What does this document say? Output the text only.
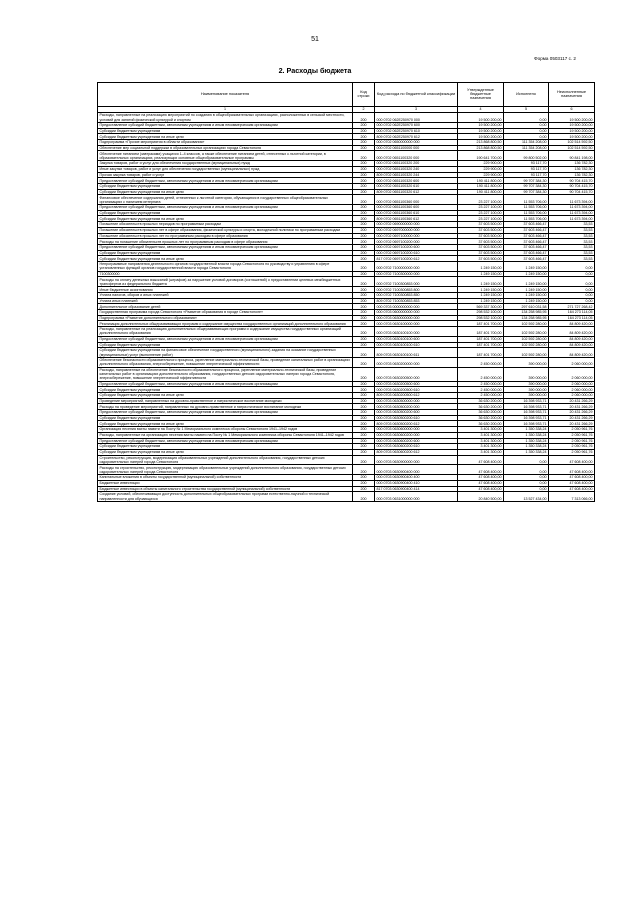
51
Форма 0503117 с. 2
2. Расходы бюджета
Наименование показателя	Код строки	Код расхода по бюджетной классификации	Утвержденные бюджетные назначения	Исполнено	Неисполненные назначения
1	2	3	4	5	6
Расходы, направленные на реализацию мероприятий по созданию в общеобразовательных организациях, расположенных в сельской местности, условий для занятий физической культурой и спортом	200	000 0702 062E250970 000	19 500 200,00	0,00	19 500 200,00
Предоставление субсидий бюджетным, автономным учреждениям и иным некоммерческим организациям	200	000 0702 062E250970 600	19 500 200,00	0,00	19 500 200,00
Субсидии бюджетным учреждениям	200	000 0702 062E250970 610	19 500 200,00	0,00	19 500 200,00
Субсидии бюджетным учреждениям на иные цели	200	809 0702 062E250970 612	19 500 200,00	0,00	19 500 200,00
Подпрограмма «Прочие мероприятия в области образования»	200	000 0702 0650000000 000	213 868 800,50	111 354 208,00	102 514 592,50
Обеспечение мер социальной поддержки в образовательных организациях города Севастополя	200	000 0702 0651100000 000	213 868 800,50	111 354 208,00	102 514 592,50
Обеспечение питанием (завтраками) учащихся 1–4 классов, а также обеспечение питанием детей, отнесенных к льготной категории, в образовательных организациях, реализующих основные общеобразовательные программы	200	000 0702 0651100320 000	190 641 700,00	99 800 502,00	90 841 198,00
Закупка товаров, работ и услуг для обеспечения государственных (муниципальных) нужд	200	000 0702 0651100320 200	229 900,00	93 117,70	136 782,30
Иные закупки товаров, работ и услуг для обеспечения государственных (муниципальных) нужд	200	000 0702 0651100320 240	229 900,00	93 117,70	136 782,30
Прочая закупка товаров, работ и услуг	200	809 0702 0651100320 244	229 900,00	93 117,70	136 782,30
Предоставление субсидий бюджетным, автономным учреждениям и иным некоммерческим организациям	200	000 0702 0651100320 600	190 411 800,00	99 707 384,30	90 704 415,70
Субсидии бюджетным учреждениям	200	000 0702 0651100320 610	190 411 800,00	99 707 384,30	90 704 415,70
Субсидии бюджетным учреждениям на иные цели	200	809 0702 0651100320 612	190 411 800,00	99 707 384,30	90 704 415,70
Финансовое обеспечение содержания детей, отнесенных к льготной категории, обучающихся в государственных общеобразовательных организациях с наличием интерната	200	000 0702 0651100360 000	23 227 100,00	11 553 706,00	11 673 394,00
Предоставление субсидий бюджетным, автономным учреждениям и иным некоммерческим организациям	200	000 0702 0651100360 600	23 227 100,00	11 553 706,00	11 673 394,00
Субсидии бюджетным учреждениям	200	000 0702 0651100360 610	23 227 100,00	11 553 706,00	11 673 394,00
Субсидии бюджетным учреждениям на иные цели	200	809 0702 0651100360 612	23 227 100,00	11 553 706,00	11 673 394,00
Погашение обязательств прошлых периодов по программным расходам	200	000 0702 0690000000 000	37 603 500,00	37 603 466,47	33,53
Погашение обязательств прошлых лет в сфере образования, физической культуры и спорта, молодежной политики по программным расходам	200	000 0702 0697000000 000	37 603 500,00	37 603 466,47	33,53
Погашение обязательств прошлых лет по программным расходам в сфере образования	200	000 0702 0697100000 000	37 603 500,00	37 603 466,47	33,53
Расходы на погашение обязательств прошлых лет по программным расходам в сфере образования	200	000 0702 0697100200 000	37 603 500,00	37 603 466,47	33,53
Предоставление субсидий бюджетным, автономным учреждениям и иным некоммерческим организациям	200	000 0702 0697100200 600	37 603 500,00	37 603 466,47	33,53
Субсидии бюджетным учреждениям	200	000 0702 0697100200 610	37 603 500,00	37 603 466,47	33,53
Субсидии бюджетным учреждениям на иные цели	200	817 0702 0697100200 612	37 603 500,00	37 603 466,47	33,53
Непрограммные направления деятельности органов государственной власти города Севастополя по руководству и управлению в сфере установленных функций органов государственной власти города Севастополя	200	000 0702 7100000000 000	1 249 150,00	1 249 150,00	0,00
7100300000	200	000 0702 7100300000 000	1 249 150,00	1 249 150,00	0,00
Расходы на оплату денежных взысканий (штрафов) за нарушение условий договоров (соглашений) о предоставлении целевых межбюджетных трансфертов из федерального бюджета	200	000 0702 7100300853 000	1 249 150,00	1 249 150,00	0,00
Иные бюджетные ассигнования	200	000 0702 7100300853 800	1 249 150,00	1 249 150,00	0,00
Уплата налогов, сборов и иных платежей	200	000 0702 7100300853 850	1 249 150,00	1 249 150,00	0,00
Уплата иных платежей	200	809 0702 7100300853 853	1 249 150,00	1 249 150,00	0,00
Дополнительное образование детей	200	000 0703 0000000000 000	569 337 300,00	297 610 031,58	271 727 268,42
Государственная программа города Севастополя «Развитие образования в городе Севастополе»	200	000 0703 0600000000 000	298 532 100,00	134 258 985,95	164 273 114,05
Подпрограмма «Развитие дополнительного образования»	200	000 0703 0630000000 000	298 532 100,00	134 258 985,95	164 273 114,05
Реализация дополнительных общеразвивающих программ и содержание имущества государственных организаций дополнительного образования	200	000 0703 0630100000 000	187 401 700,00	102 592 280,00	84 809 420,00
Расходы, направленные на реализацию дополнительных общеразвивающих программ и содержание имущества государственных организаций дополнительного образования	200	000 0703 0630100100 000	187 401 700,00	102 592 280,00	84 809 420,00
Предоставление субсидий бюджетным, автономным учреждениям и иным некоммерческим организациям	200	000 0703 0630100100 600	187 401 700,00	102 592 280,00	84 809 420,00
Субсидии бюджетным учреждениям	200	000 0703 0630100100 610	187 401 700,00	102 592 280,00	84 809 420,00
Субсидии бюджетным учреждениям на финансовое обеспечение государственного (муниципального) задания на оказание государственных (муниципальных) услуг (выполнение работ)	200	809 0703 0630100100 611	187 401 700,00	102 592 280,00	84 809 420,00
Обеспечение безопасности образовательного процесса, укрепление материально-технической базы, проведение капитальных работ в организациях дополнительного образования, энергосбережение, повышение энергетической эффективности	200	000 0703 0630200000 000	2 450 000,00	390 000,00	2 060 000,00
Расходы, направленные на обеспечение безопасности образовательного процесса, укрепление материально-технической базы, проведение капитальных работ в организациях дополнительного образования, государственных детских оздоровительных лагерях города Севастополя, энергосбережение, повышение энергетической эффективности	200	000 0703 0630200500 000	2 450 000,00	390 000,00	2 060 000,00
Предоставление субсидий бюджетным, автономным учреждениям и иным некоммерческим организациям	200	000 0703 0630200500 600	2 450 000,00	390 000,00	2 060 000,00
Субсидии бюджетным учреждениям	200	000 0703 0630200500 610	2 450 000,00	390 000,00	2 060 000,00
Субсидии бюджетным учреждениям на иные цели	200	809 0703 0630200500 612	2 450 000,00	390 000,00	2 060 000,00
Проведение мероприятий, направленных на духовно-нравственное и патриотическое воспитание молодежи	200	000 0703 0630500000 000	36 630 200,00	16 398 933,71	20 431 266,29
Расходы на проведение мероприятий, направленных на духовно-нравственное и патриотическое воспитание молодежи	200	000 0703 0630500200 000	36 630 200,00	16 398 933,71	20 431 266,29
Предоставление субсидий бюджетным, автономным учреждениям и иным некоммерческим организациям	200	000 0703 0630500200 600	36 630 200,00	16 398 933,71	20 431 266,29
Субсидии бюджетным учреждениям	200	000 0703 0630500200 610	36 630 200,00	16 398 933,71	20 431 266,29
Субсидии бюджетным учреждениям на иные цели	200	809 0703 0630500200 612	36 630 200,00	16 398 933,71	20 431 266,29
Организация несения вахты памяти на Посту № 1 Мемориального комплекса обороны Севастополя 1941–1942 годов	200	000 0703 0630600000 000	3 401 300,00	1 350 338,24	2 050 961,76
Расходы, направленные на организацию несения вахты памяти на Посту № 1 Мемориального комплекса обороны Севастополя 1941–1942 годов	200	000 0703 0630600200 000	3 401 300,00	1 350 338,24	2 050 961,76
Предоставление субсидий бюджетным, автономным учреждениям и иным некоммерческим организациям	200	000 0703 0630600200 600	3 401 300,00	1 350 338,24	2 050 961,76
Субсидии бюджетным учреждениям	200	000 0703 0630600200 610	3 401 300,00	1 350 338,24	2 050 961,76
Субсидии бюджетным учреждениям на иные цели	200	809 0703 0630600200 612	3 401 300,00	1 350 338,24	2 050 961,76
Строительство, реконструкция, модернизация образовательных учреждений дополнительного образования, государственных детских оздоровительных лагерей города Севастополя	200	000 0703 0630900000 000	47 608 400,00	0,00	47 608 400,00
Расходы на строительство, реконструкцию, модернизацию образовательных учреждений дополнительного образования, государственных детских оздоровительных лагерей города Севастополя	200	000 0703 0630900400 000	47 608 400,00	0,00	47 608 400,00
Капитальные вложения в объекты государственной (муниципальной) собственности	200	000 0703 0630900400 400	47 608 400,00	0,00	47 608 400,00
Бюджетные инвестиции	200	000 0703 0630900400 410	47 608 400,00	0,00	47 608 400,00
Бюджетные инвестиции в объекты капитального строительства государственной (муниципальной) собственности	200	817 0703 0630900400 414	47 608 400,00	0,00	47 608 400,00
Создание условий, обеспечивающих доступность дополнительных общеобразовательных программ естественно-научной и технической направленности для обучающихся	200	000 0703 0631000000 000	20 840 500,00	13 527 434,00	7 313 066,00
